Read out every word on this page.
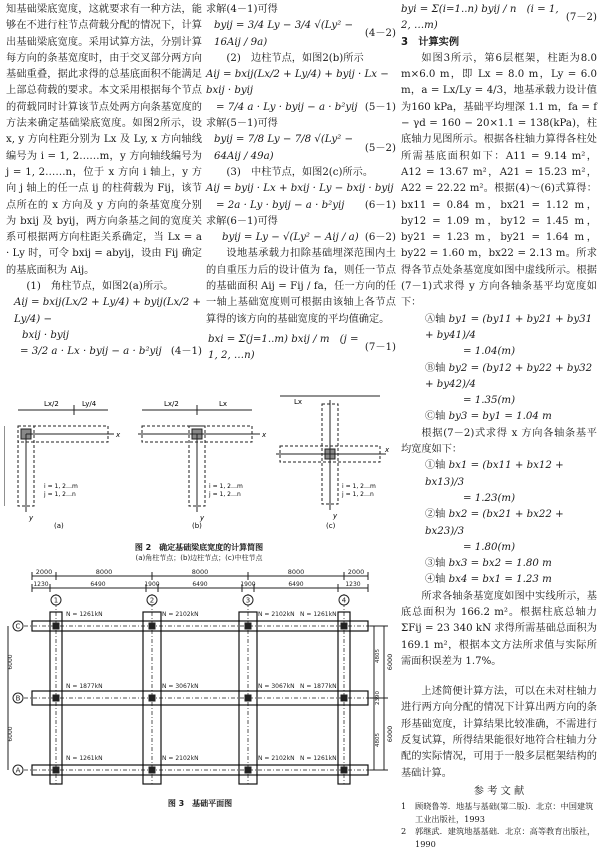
知基础梁底宽度，这就要求有一种方法，能够在不进行柱节点荷载分配的情况下，计算出基础梁底宽度。采用试算方法，分别计算每方向的条基宽度时，由于交叉部分两方向基础重叠，据此求得的总基底面积不能满足上部总荷载的要求。本文采用根据每个节点的荷载同时计算该节点处两方向条基宽度的方法来确定基础梁底宽度。如图2所示，设 x, y 方向柱距分别为 Lx 及 Ly, x 方向轴线编号为 i = 1, 2……m，y 方向轴线编号为 j = 1, 2……n，位于 x 方向 i 轴上，y 方向 j 轴上的任一点 ij 的柱荷载为 Fij，该节点所在的 x 方向及 y 方向的条基宽度分别为 bxij 及 byij，两方向条基之间的宽度关系可根据两方向柱距关系确定，当 Lx = a · Ly 时，可令 bxij = abyij，设由 Fij 确定的基底面积为 Aij。

(1)　角柱节点，如图2(a)所示。

Aij = bxij(Lx/2 + Ly/4) + byij(Lx/2 + Ly/4) −
bxij · byij
= 3/2 a · Lx · byij − a · b²yij (4－1)

求解(4－1)可得

byij = 3/4 Ly − 3/4 √(Ly² − 16Aij / 9a)
(4－2)

(2)　边柱节点，如图2(b)所示

Aij = bxij(Lx/2 + Ly/4) + byij · Lx − bxij · byij
= 7/4 a · Ly · byij − a · b²yij (5－1)

求解(5－1)可得

byij = 7/8 Ly − 7/8 √(Ly² − 64Aij / 49a)
(5－2)

(3)　中柱节点，如图2(c)所示。

Aij = byij · Lx + bxij · Ly − bxij · byij
= 2a · Ly · byij − a · b²yij (6－1)

求解(6－1)可得

byij = Ly − √(Ly² − Aij / a) (6－2)

设地基承载力扣除基础埋深范围内土的自重压力后的设计值为 fa，则任一节点的基础面积 Aij = Fij / fa，任一方向的任一轴上基础宽度则可根据由该轴上各节点算得的该方向的基础宽度的平均值确定。

bxi = Σ(j=1..m) bxij / m　(j = 1, 2, …n)
(7－1)
byi = Σ(i=1..n) byij / n　(i = 1, 2, …m)
(7－2)
3　计算实例

如图3所示，第6层框架，柱距为8.0 m×6.0 m，即 Lx = 8.0 m，Ly = 6.0 m，a = Lx/Ly = 4/3，地基承载力设计值为160 kPa，基础平均埋深 1.1 m，fa = f − γd = 160 − 20×1.1 = 138(kPa)，柱底轴力见图所示。根据各柱轴力算得各柱处所需基底面积如下：A11 = 9.14 m²，A12 = 13.67 m²，A21 = 15.23 m²，A22 = 22.22 m²。根据(4)～(6)式算得：bx11 = 0.84 m，bx21 = 1.12 m，by12 = 1.09 m，by12 = 1.45 m，by21 = 1.23 m，by21 = 1.64 m，by22 = 1.60 m，bx22 = 2.13 m。所求得各节点处条基宽度如图中虚线所示。根据(7－1)式求得 y 方向各轴条基平均宽度如下：

Ⓐ轴 by1 = (by11 + by21 + by31 + by41)/4
= 1.04(m)
Ⓑ轴 by2 = (by12 + by22 + by32 + by42)/4
= 1.35(m)
Ⓒ轴 by3 = by1 = 1.04 m

根据(7－2)式求得 x 方向各轴条基平均宽度如下：

①轴 bx1 = (bx11 + bx12 + bx13)/3
= 1.23(m)
②轴 bx2 = (bx21 + bx22 + bx23)/3
= 1.80(m)
③轴 bx3 = bx2 = 1.80 m
④轴 bx4 = bx1 = 1.23 m

所求各轴条基宽度如图中实线所示，基底总面积为 166.2 m²。根据柱底总轴力 ΣFij = 23 340 kN 求得所需基础总面积为 169.1 m²，根据本文方法所求值与实际所需面积误差为 1.7%。

上述简便计算方法，可以在未对柱轴力进行两方向分配的情况下计算出两方向的条形基础宽度，计算结果比较准确，不需进行反复试算，所得结果能很好地符合柱轴力分配的实际情况，可用于一般多层框架结构的基础计算。

参 考 文 献
1	顾晓鲁等．地基与基础(第二版)．北京：中国建筑工业出版社，1993
2	郭继武．建筑地基基础．北京：高等教育出版社，1990
Lx/2	Ly/4
x
y
i = 1, 2…m
j = 1, 2…n
(a)
Lx/2	Lx
x
y
i = 1, 2…m
j = 1, 2…n
(b)
Lx
x
y
i = 1, 2…m
j = 1, 2…n
(c)
图 2　确定基础梁底宽度的计算简图
(a)角柱节点；(b)边柱节点；(c)中柱节点
2000	8000	8000	8000	2000
1230	6490	1900	6490	1900	6490	1230
1	2	3	4
C
B
A
N = 1261kN	N = 2102kN	N = 2102kN N = 1261kN
N = 1877kN	N = 3067kN	N = 3067kN N = 1877kN
N = 1261kN	N = 2102kN	N = 2102kN N = 1261kN
6000
6000
4805
2390
4805
6000
6000
图 3　基础平面图
